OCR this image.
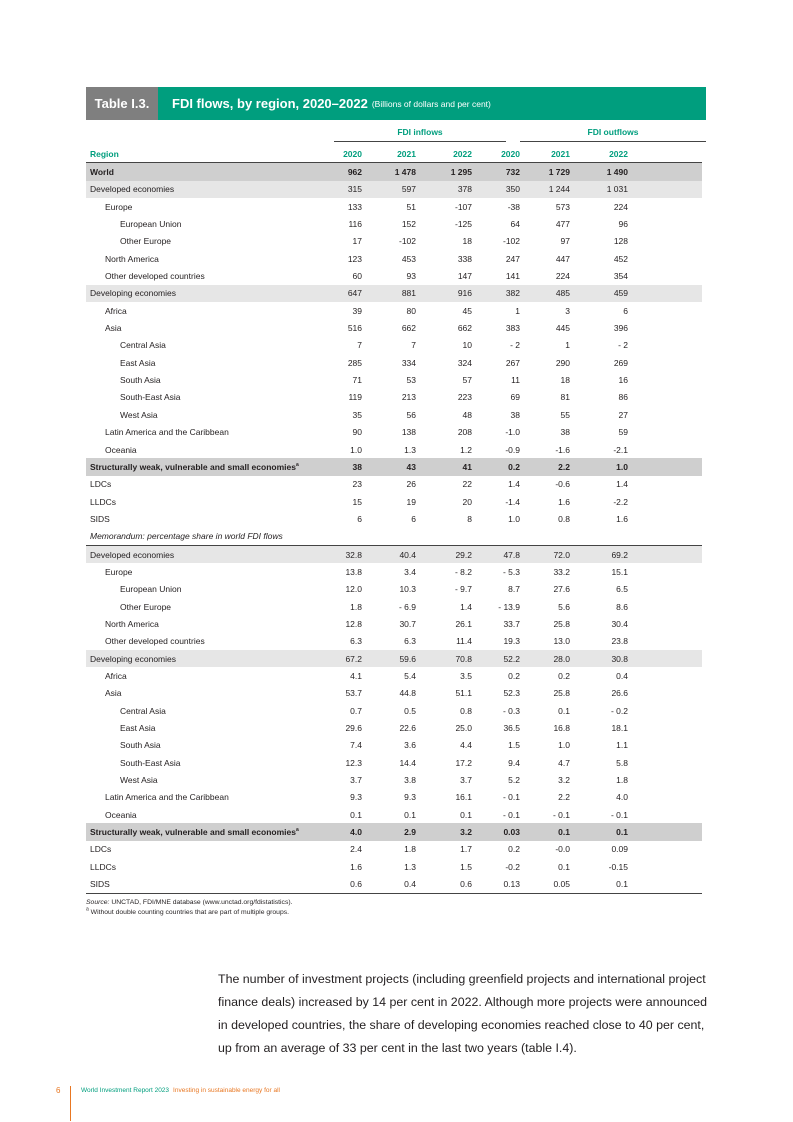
Table I.3.	FDI flows, by region, 2020–2022 (Billions of dollars and per cent)
FDI inflows	FDI outflows
Region	2020	2021	2022	2020	2021	2022	
World	962	1 478	1 295	732	1 729	1 490	
Developed economies	315	597	378	350	1 244	1 031	
Europe	133	51	-107	-38	573	224	
European Union	116	152	-125	64	477	96	
Other Europe	17	-102	18	-102	97	128	
North America	123	453	338	247	447	452	
Other developed countries	60	93	147	141	224	354	
Developing economies	647	881	916	382	485	459	
Africa	39	80	45	1	3	6	
Asia	516	662	662	383	445	396	
Central Asia	7	7	10	- 2	1	- 2	
East Asia	285	334	324	267	290	269	
South Asia	71	53	57	11	18	16	
South-East Asia	119	213	223	69	81	86	
West Asia	35	56	48	38	55	27	
Latin America and the Caribbean	90	138	208	-1.0	38	59	
Oceania	1.0	1.3	1.2	-0.9	-1.6	-2.1	
Structurally weak, vulnerable and small economies$^a$	38	43	41	0.2	2.2	1.0	
LDCs	23	26	22	1.4	-0.6	1.4	
LLDCs	15	19	20	-1.4	1.6	-2.2	
SIDS	6	6	8	1.0	0.8	1.6	
Memorandum: percentage share in world FDI flows							
Developed economies	32.8	40.4	29.2	47.8	72.0	69.2	
Europe	13.8	3.4	- 8.2	- 5.3	33.2	15.1	
European Union	12.0	10.3	- 9.7	8.7	27.6	6.5	
Other Europe	1.8	- 6.9	1.4	- 13.9	5.6	8.6	
North America	12.8	30.7	26.1	33.7	25.8	30.4	
Other developed countries	6.3	6.3	11.4	19.3	13.0	23.8	
Developing economies	67.2	59.6	70.8	52.2	28.0	30.8	
Africa	4.1	5.4	3.5	0.2	0.2	0.4	
Asia	53.7	44.8	51.1	52.3	25.8	26.6	
Central Asia	0.7	0.5	0.8	- 0.3	0.1	- 0.2	
East Asia	29.6	22.6	25.0	36.5	16.8	18.1	
South Asia	7.4	3.6	4.4	1.5	1.0	1.1	
South-East Asia	12.3	14.4	17.2	9.4	4.7	5.8	
West Asia	3.7	3.8	3.7	5.2	3.2	1.8	
Latin America and the Caribbean	9.3	9.3	16.1	- 0.1	2.2	4.0	
Oceania	0.1	0.1	0.1	- 0.1	- 0.1	- 0.1	
Structurally weak, vulnerable and small economies$^a$	4.0	2.9	3.2	0.03	0.1	0.1	
LDCs	2.4	1.8	1.7	0.2	-0.0	0.09	
LLDCs	1.6	1.3	1.5	-0.2	0.1	-0.15	
SIDS	0.6	0.4	0.6	0.13	0.05	0.1	
Source: UNCTAD, FDI/MNE database (www.unctad.org/fdistatistics).
$^a$ Without double counting countries that are part of multiple groups.

The number of investment projects (including greenfield projects and international project finance deals) increased by 14 per cent in 2022. Although more projects were announced in developed countries, the share of developing economies reached close to 40 per cent, up from an average of 33 per cent in the last two years (table I.4).

6	World Investment Report 2023 Investing in sustainable energy for all
